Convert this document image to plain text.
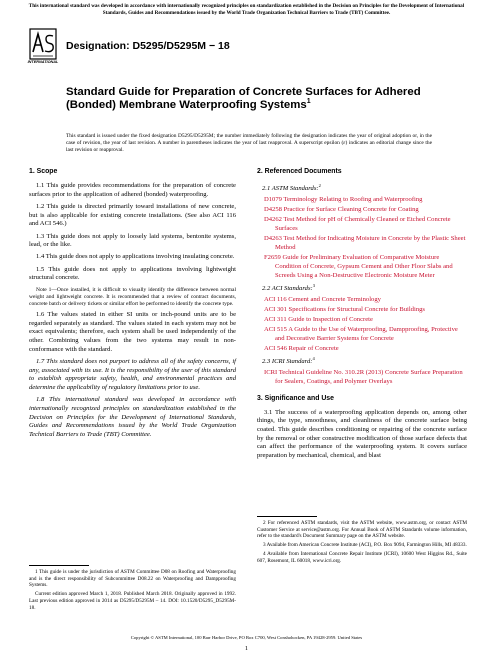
This international standard was developed in accordance with internationally recognized principles on standardization established in the Decision on Principles for the Development of International Standards, Guides and Recommendations issued by the World Trade Organization Technical Barriers to Trade (TBT) Committee.
INTERNATIONAL
Designation: D5295/D5295M − 18
Standard Guide for Preparation of Concrete Surfaces for Adhered (Bonded) Membrane Waterproofing Systems$^1$
This standard is issued under the fixed designation D5295/D5295M; the number immediately following the designation indicates the year of original adoption or, in the case of revision, the year of last revision. A number in parentheses indicates the year of last reapproval. A superscript epsilon (ε) indicates an editorial change since the last revision or reapproval.
1. Scope

1.1 This guide provides recommendations for the preparation of concrete surfaces prior to the application of adhered (bonded) waterproofing.

1.2 This guide is directed primarily toward installations of new concrete, but is also applicable for existing concrete installations. (See also ACI 116 and ACI 546.)

1.3 This guide does not apply to loosely laid systems, bentonite systems, lead, or the like.

1.4 This guide does not apply to applications involving insulating concrete.

1.5 This guide does not apply to applications involving lightweight structural concrete.

Note 1—Once installed, it is difficult to visually identify the difference between normal weight and lightweight concrete. It is recommended that a review of contract documents, concrete batch or delivery tickets or similar effort be performed to identify the concrete type.

1.6 The values stated in either SI units or inch-pound units are to be regarded separately as standard. The values stated in each system may not be exact equivalents; therefore, each system shall be used independently of the other. Combining values from the two systems may result in non-conformance with the standard.

1.7 This standard does not purport to address all of the safety concerns, if any, associated with its use. It is the responsibility of the user of this standard to establish appropriate safety, health, and environmental practices and determine the applicability of regulatory limitations prior to use.

1.8 This international standard was developed in accordance with internationally recognized principles on standardization established in the Decision on Principles for the Development of International Standards, Guides and Recommendations issued by the World Trade Organization Technical Barriers to Trade (TBT) Committee.

2. Referenced Documents

2.1 ASTM Standards:$^2$

D1079 Terminology Relating to Roofing and Waterproofing
D4258 Practice for Surface Cleaning Concrete for Coating
D4262 Test Method for pH of Chemically Cleaned or Etched Concrete Surfaces
D4263 Test Method for Indicating Moisture in Concrete by the Plastic Sheet Method
F2659 Guide for Preliminary Evaluation of Comparative Moisture Condition of Concrete, Gypsum Cement and Other Floor Slabs and Screeds Using a Non-Destructive Electronic Moisture Meter

2.2 ACI Standards:$^3$

ACI 116 Cement and Concrete Terminology
ACI 301 Specifications for Structural Concrete for Buildings
ACI 311 Guide to Inspection of Concrete
ACI 515 A Guide to the Use of Waterproofing, Dampproofing, Protective and Decorative Barrier Systems for Concrete
ACI 546 Repair of Concrete

2.3 ICRI Standard:$^4$

ICRI Technical Guideline No. 310.2R (2013) Concrete Surface Preparation for Sealers, Coatings, and Polymer Overlays
3. Significance and Use

3.1 The success of a waterproofing application depends on, among other things, the type, smoothness, and cleanliness of the concrete surface being coated. This guide describes conditioning or repairing of the concrete surface by the removal or other constructive modification of those surface defects that can affect the performance of the waterproofing system. It covers surface preparation by mechanical, chemical, and blast

1 This guide is under the jurisdiction of ASTM Committee D08 on Roofing and Waterproofing and is the direct responsibility of Subcommittee D08.22 on Waterproofing and Dampproofing Systems.

Current edition approved March 1, 2018. Published March 2018. Originally approved in 1992. Last previous edition approved in 2014 as D5295/D5295M – 14. DOI: 10.1520/D5295_D5295M-18.

2 For referenced ASTM standards, visit the ASTM website, www.astm.org, or contact ASTM Customer Service at service@astm.org. For Annual Book of ASTM Standards volume information, refer to the standard's Document Summary page on the ASTM website.

3 Available from American Concrete Institute (ACI), P.O. Box 9094, Farmington Hills, MI 48333.

4 Available from International Concrete Repair Institute (ICRI), 10600 West Higgins Rd., Suite 607, Rosemont, IL 60018, www.icri.org.

Copyright © ASTM International, 100 Barr Harbor Drive, PO Box C700, West Conshohocken, PA 19428-2959. United States
1
